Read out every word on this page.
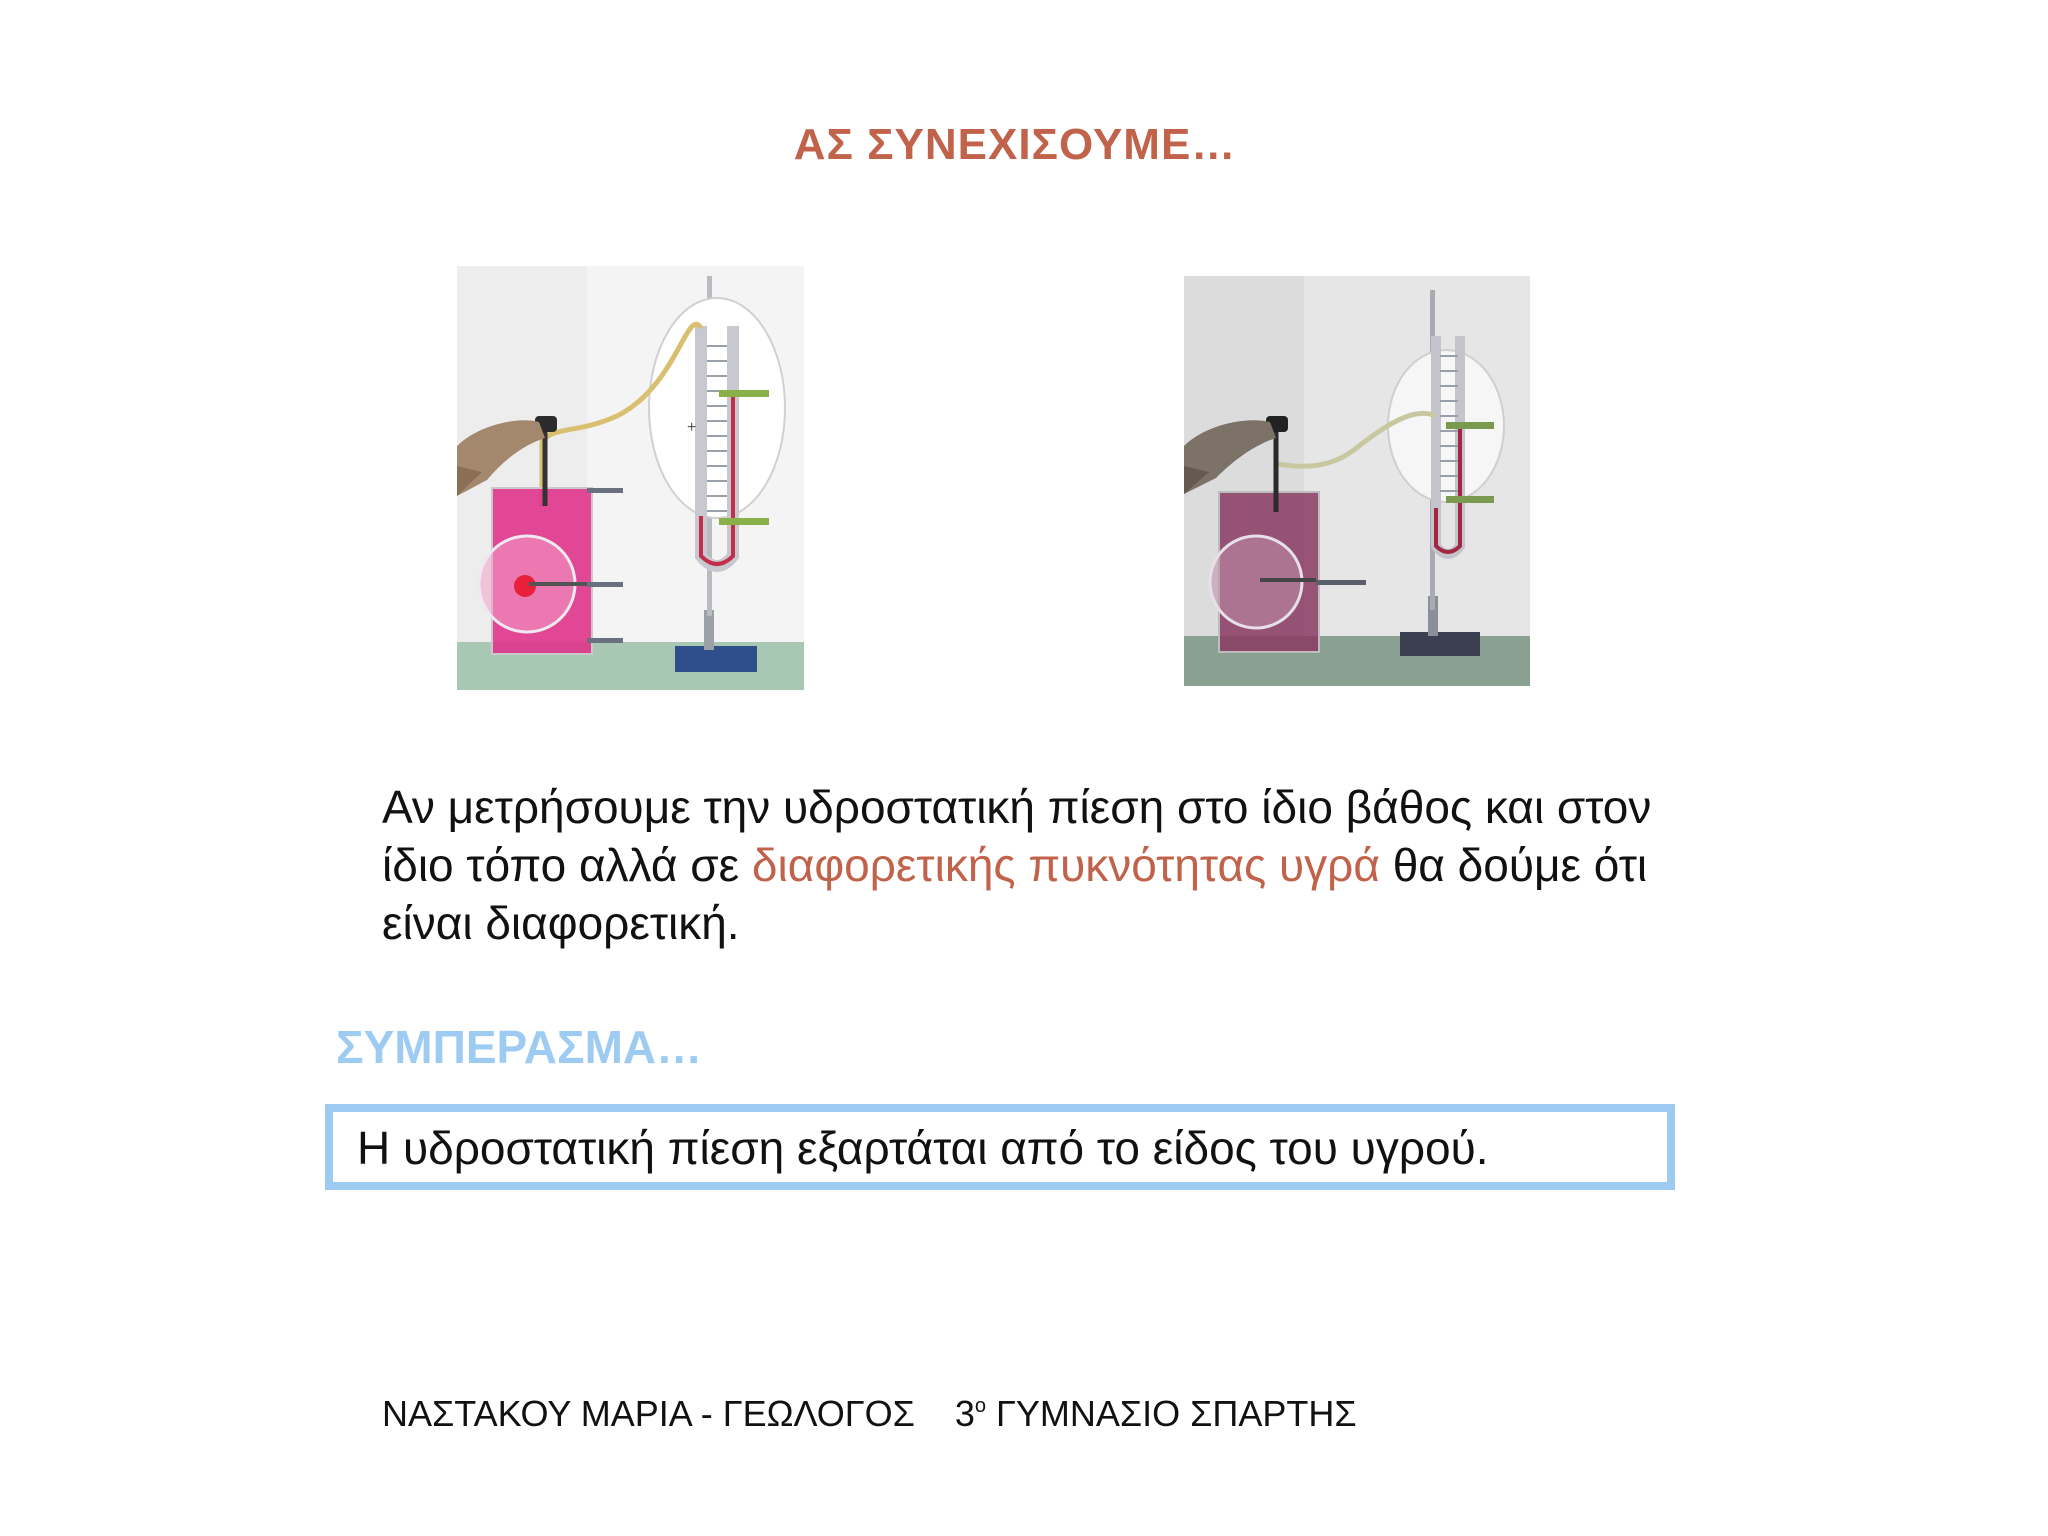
ΑΣ ΣΥΝΕΧΙΣΟΥΜΕ…
+
Αν μετρήσουμε την υδροστατική πίεση στο ίδιο βάθος και στον ίδιο τόπο αλλά σε διαφορετικής πυκνότητας υγρά θα δούμε ότι είναι διαφορετική.
ΣΥΜΠΕΡΑΣΜΑ…
Η υδροστατική πίεση εξαρτάται από το είδος του υγρού.
ΝΑΣΤΑΚΟΥ ΜΑΡΙΑ - ΓΕΩΛΟΓΟΣ $3^o$ ΓΥΜΝΑΣΙΟ ΣΠΑΡΤΗΣ
